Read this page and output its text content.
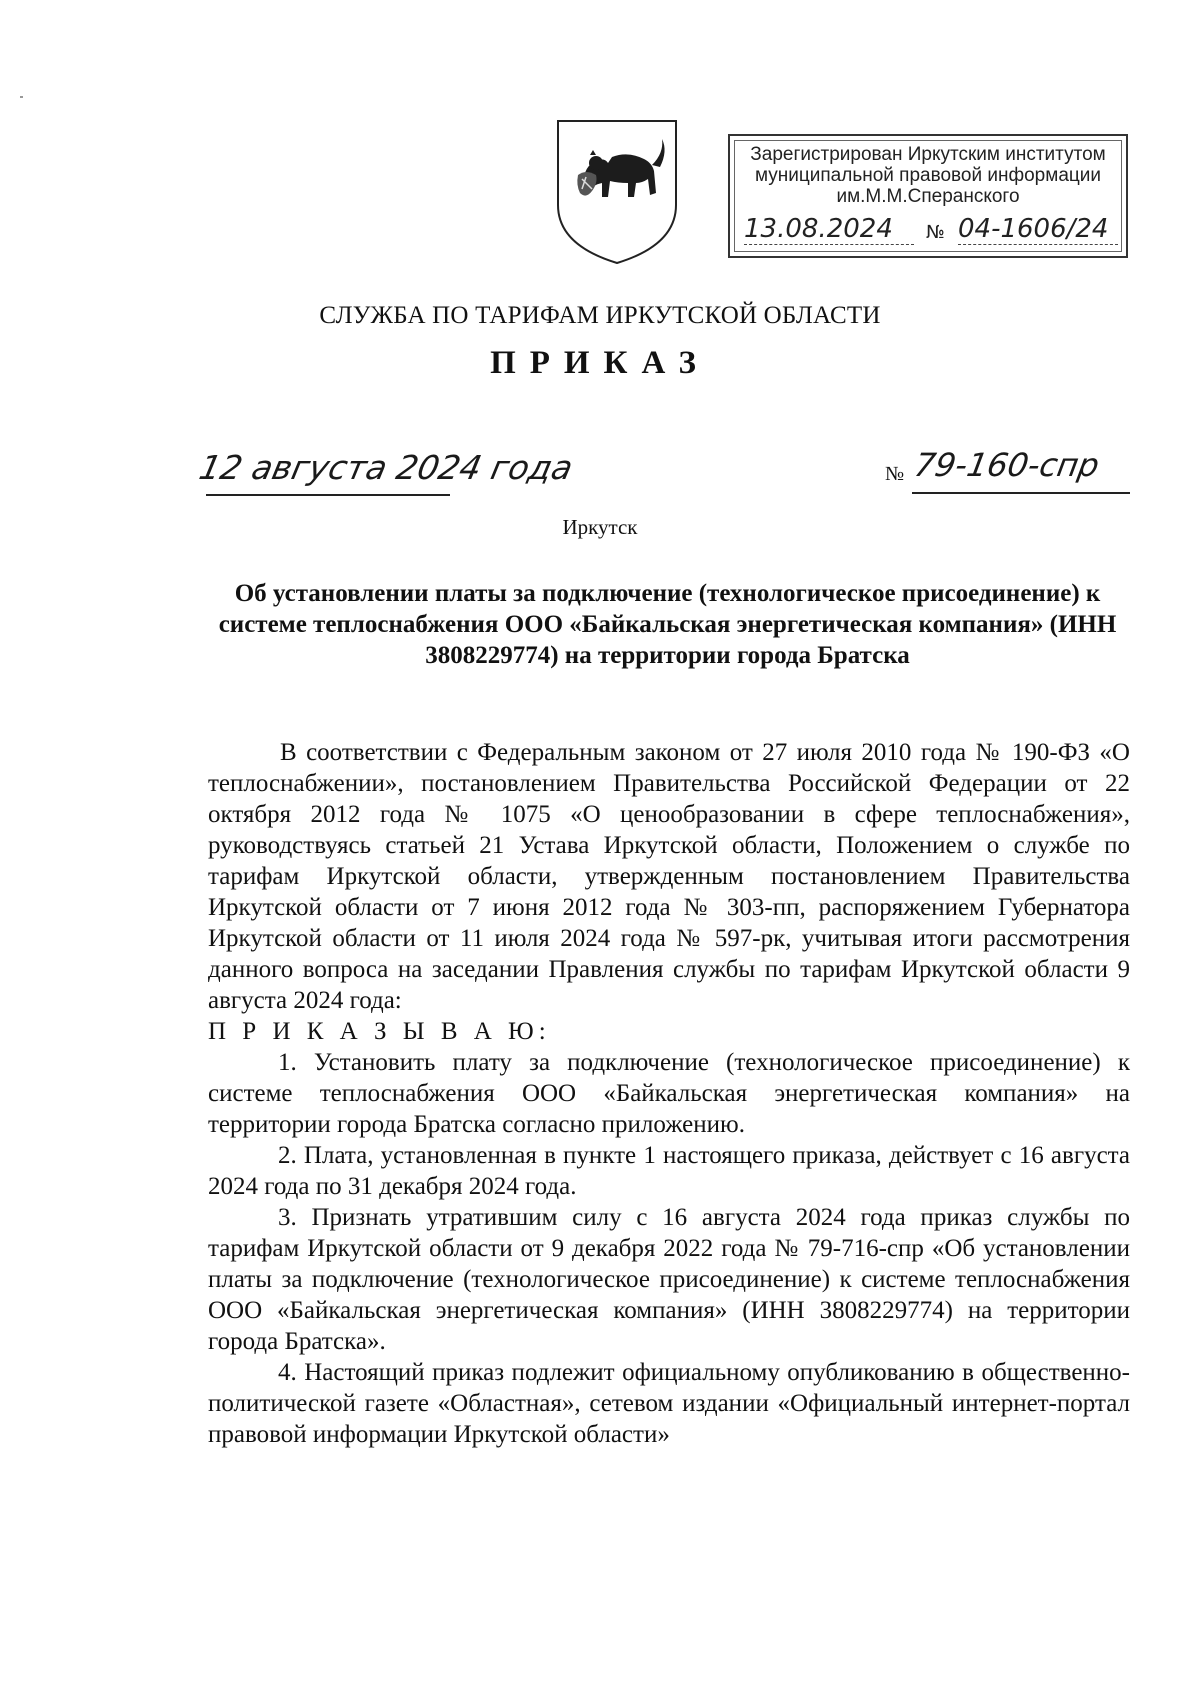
Зарегистрирован Иркутским институтом
муниципальной правовой информации
им.М.М.Сперанского
13.08.2024	№ 04-1606/24
СЛУЖБА ПО ТАРИФАМ ИРКУТСКОЙ ОБЛАСТИ
ПРИКАЗ
12 августа 2024 года	№ 79-160-спр
Иркутск
Об установлении платы за подключение (технологическое присоединение) к системе теплоснабжения ООО «Байкальская энергетическая компания» (ИНН 3808229774) на территории города Братска

В соответствии с Федеральным законом от 27 июля 2010 года № 190-ФЗ «О теплоснабжении», постановлением Правительства Российской Федерации от 22 октября 2012 года № 1075 «О ценообразовании в сфере теплоснабжения», руководствуясь статьей 21 Устава Иркутской области, Положением о службе по тарифам Иркутской области, утвержденным постановлением Правительства Иркутской области от 7 июня 2012 года № 303-пп, распоряжением Губернатора Иркутской области от 11 июля 2024 года № 597-рк, учитывая итоги рассмотрения данного вопроса на заседании Правления службы по тарифам Иркутской области 9 августа 2024 года:

П Р И К А З Ы В А Ю:

1. Установить плату за подключение (технологическое присоединение) к системе теплоснабжения ООО «Байкальская энергетическая компания» на территории города Братска согласно приложению.

2. Плата, установленная в пункте 1 настоящего приказа, действует с 16 августа 2024 года по 31 декабря 2024 года.

3. Признать утратившим силу с 16 августа 2024 года приказ службы по тарифам Иркутской области от 9 декабря 2022 года № 79-716-спр «Об установлении платы за подключение (технологическое присоединение) к системе теплоснабжения ООО «Байкальская энергетическая компания» (ИНН 3808229774) на территории города Братска».

4. Настоящий приказ подлежит официальному опубликованию в общественно-политической газете «Областная», сетевом издании «Официальный интернет-портал правовой информации Иркутской области»
